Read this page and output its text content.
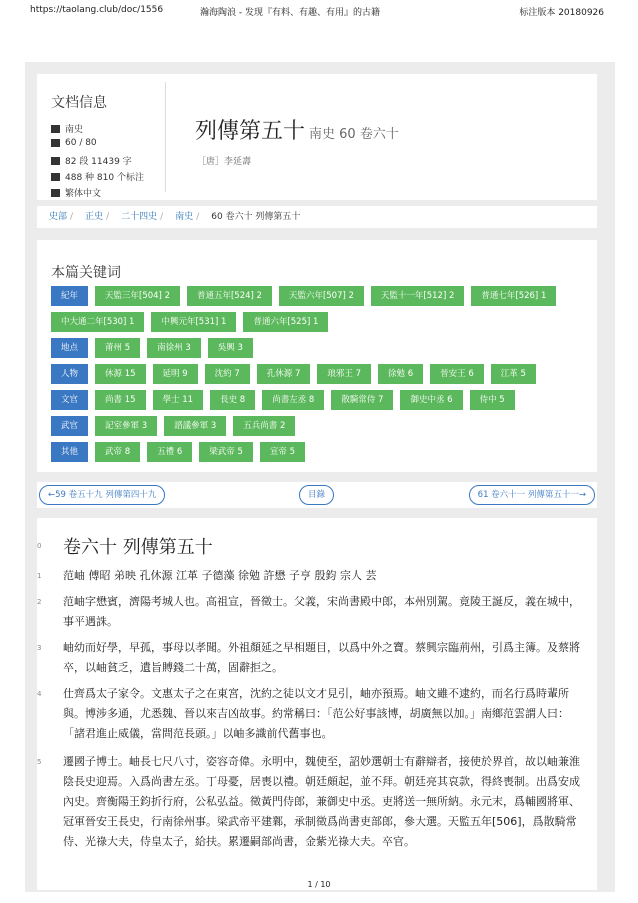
https://taolang.club/doc/1556	瀚海陶浪 - 发现『有料、有趣、有用』的古籍	标注版本 20180926
文档信息
南史
60 / 80
82 段 11439 字
488 种 810 个标注
繁体中文
列傳第五十 南史 60 卷六十
［唐］李延壽
史部 / 正史 / 二十四史 / 南史 / 60 卷六十 列傳第五十
本篇关键词
紀年	天監三年[504] 2	普通五年[524] 2	天監六年[507] 2	天監十一年[512] 2	普通七年[526] 1
中大通二年[530] 1	中興元年[531] 1	普通六年[525] 1
地点	莆州 5	南徐州 3	吳興 3
人物	休源 15	延明 9	沈約 7	孔休源 7	琅邪王 7	徐勉 6	晉安王 6	江革 5
文官	尚書 15	學士 11	長史 8	尚書左丞 8	散騎常侍 7	御史中丞 6	侍中 5
武官	記室參軍 3	諮議參軍 3	五兵尚書 2
其他	武帝 8	五禮 6	梁武帝 5	宣帝 5
←59 卷五十九 列傳第四十九	目錄	61 卷六十一 列傳第五十一→
0 卷六十 列傳第五十
1 范岫 傅昭 弟映 孔休源 江革 子德藻 徐勉 許懋 子亨 殷鈞 宗人 芸
2 范岫字懋賓，濟陽考城人也。高祖宣，晉徵士。父義，宋尚書殿中郎，本州別駕。竟陵王誕反，義在城中，事平遇誅。
3 岫幼而好學，早孤，事母以孝聞。外祖顏延之早相題目，以爲中外之寶。蔡興宗臨荊州，引爲主簿。及蔡將卒，以岫貧乏，遺旨賻錢二十萬，固辭拒之。
4 仕齊爲太子家令。文惠太子之在東宮，沈約之徒以文才見引，岫亦預焉。岫文雖不逮約，而名行爲時輩所與。博涉多通，尤悉魏、晉以來吉凶故事。約常稱曰：「范公好事該博，胡廣無以加。」南鄉范雲謂人曰：「諸君進止威儀，當問范長頭。」以岫多識前代舊事也。
5 遷國子博士。岫長七尺八寸，姿容奇偉。永明中，魏使至，詔妙選朝士有辭辯者，接使於界首，故以岫兼淮陰長史迎焉。入爲尚書左丞。丁母憂，居喪以禮。朝廷頗起，並不拜。朝廷亮其哀款，得終喪制。出爲安成內史。齊衡陽王鈞折行府，公私弘益。徵黃門侍郎，兼御史中丞。吏將送一無所納。永元末，爲輔國將軍、冠軍晉安王長史，行南徐州事。梁武帝平建鄴，承制徵爲尚書吏部郎，參大選。天監五年[506]，爲散騎常侍、光祿大夫，侍皇太子，給扶。累遷嗣部尚書，金紫光祿大夫。卒官。
1 / 10
